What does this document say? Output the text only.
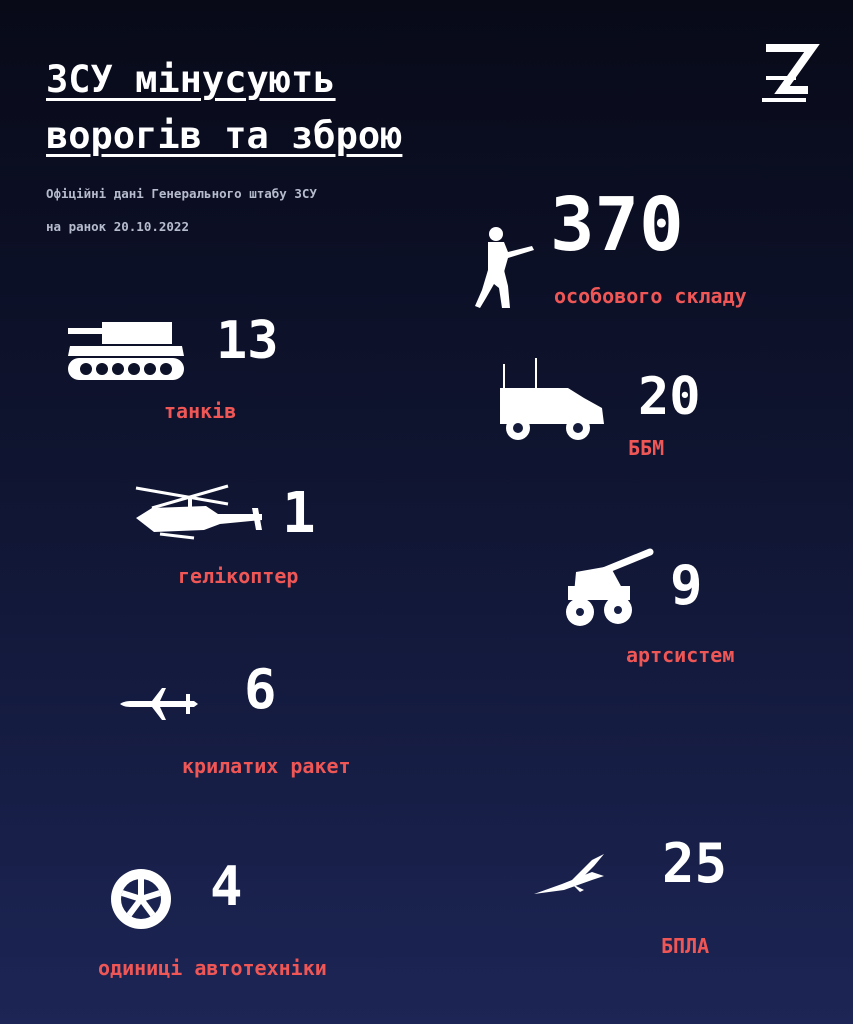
ЗСУ мінусують
ворогів та зброю
Офіційні дані Генерального штабу ЗСУ
на ранок 20.10.2022	370
особового складу
13
танків	20
ББМ
1
гелікоптер	9
артсистем
6
крилатих ракет
25
БПЛА
4
одиниці автотехніки
